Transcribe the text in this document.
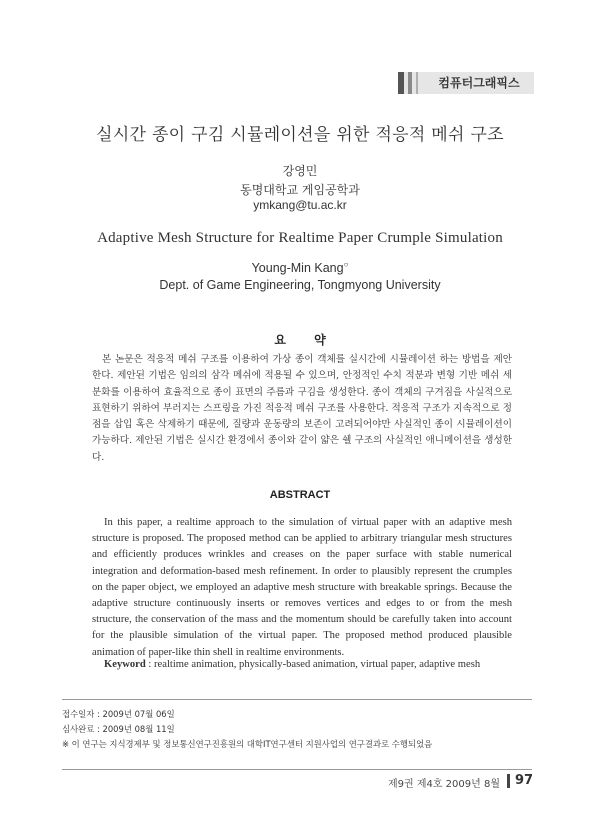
컴퓨터그래픽스
실시간 종이 구김 시뮬레이션을 위한 적응적 메쉬 구조
강영민
동명대학교 게임공학과
ymkang@tu.ac.kr
Adaptive Mesh Structure for Realtime Paper Crumple Simulation
Young-Min Kang○
Dept. of Game Engineering, Tongmyong University
요 약
본 논문은 적응적 메쉬 구조를 이용하여 가상 종이 객체를 실시간에 시뮬레이션 하는 방법을 제안한다. 제안된 기법은 임의의 삼각 메쉬에 적용될 수 있으며, 안정적인 수치 적분과 변형 기반 메쉬 세분화를 이용하여 효율적으로 종이 표면의 주름과 구김을 생성한다. 종이 객체의 구겨짐을 사실적으로 표현하기 위하여 부러지는 스프링을 가진 적응적 메쉬 구조를 사용한다. 적응적 구조가 지속적으로 정점을 삽입 혹은 삭제하기 때문에, 질량과 운동량의 보존이 고려되어야만 사실적인 종이 시뮬레이션이 가능하다. 제안된 기법은 실시간 환경에서 종이와 같이 얇은 쉘 구조의 사실적인 애니메이션을 생성한다.
ABSTRACT
In this paper, a realtime approach to the simulation of virtual paper with an adaptive mesh structure is proposed. The proposed method can be applied to arbitrary triangular mesh structures and efficiently produces wrinkles and creases on the paper surface with stable numerical integration and deformation-based mesh refinement. In order to plausibly represent the crumples on the paper object, we employed an adaptive mesh structure with breakable springs. Because the adaptive structure continuously inserts or removes vertices and edges to or from the mesh structure, the conservation of the mass and the momentum should be carefully taken into account for the plausible simulation of the virtual paper. The proposed method produced plausible animation of paper-like thin shell in realtime environments.
Keyword : realtime animation, physically-based animation, virtual paper, adaptive mesh
접수일자 : 2009년 07월 06일
심사완료 : 2009년 08월 11일
※ 이 연구는 지식경제부 및 정보통신연구진흥원의 대학IT연구센터 지원사업의 연구결과로 수행되었음
제9권 제4호 2009년 8월 97
